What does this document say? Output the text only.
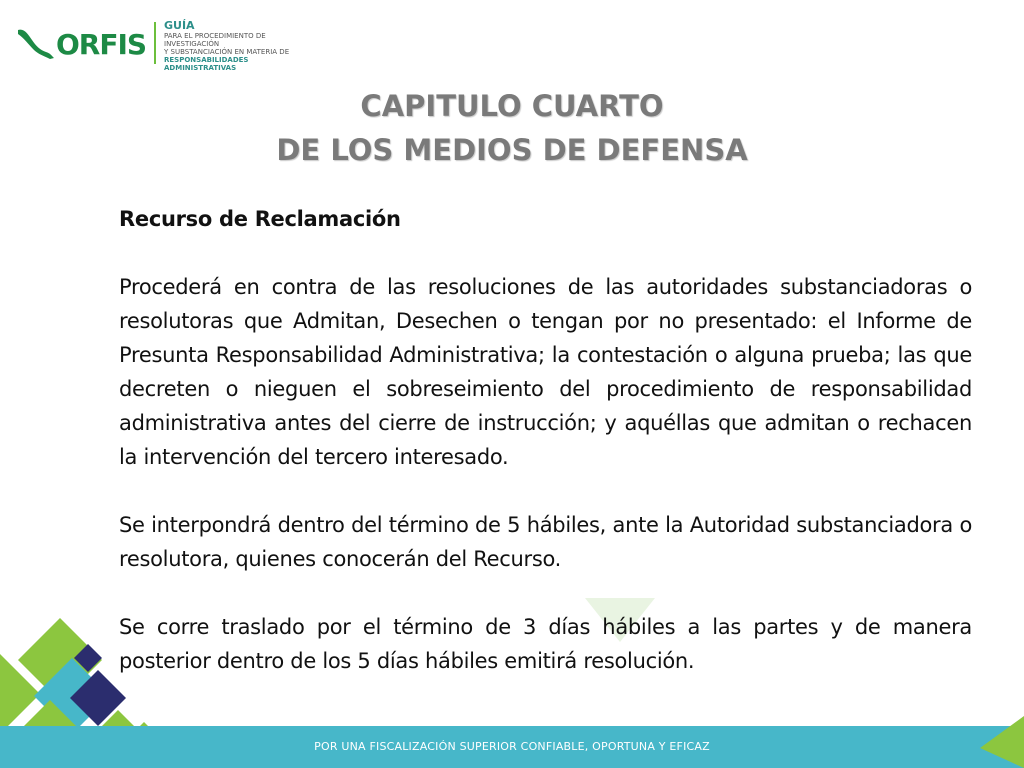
ORFIS
GUÍA
PARA EL PROCEDIMIENTO DE INVESTIGACIÓN
Y SUBSTANCIACIÓN EN MATERIA DE
RESPONSABILIDADES ADMINISTRATIVAS
CAPITULO CUARTO
DE LOS MEDIOS DE DEFENSA

Recurso de Reclamación

Procederá en contra de las resoluciones de las autoridades substanciadoras o resolutoras que Admitan, Desechen o tengan por no presentado: el Informe de Presunta Responsabilidad Administrativa; la contestación o alguna prueba; las que decreten o nieguen el sobreseimiento del procedimiento de responsabilidad administrativa antes del cierre de instrucción; y aquéllas que admitan o rechacen la intervención del tercero interesado.

Se interpondrá dentro del término de 5 hábiles, ante la Autoridad substanciadora o resolutora, quienes conocerán del Recurso.

Se corre traslado por el término de 3 días hábiles a las partes y de manera posterior dentro de los 5 días hábiles emitirá resolución.

POR UNA FISCALIZACIÓN SUPERIOR CONFIABLE, OPORTUNA Y EFICAZ
